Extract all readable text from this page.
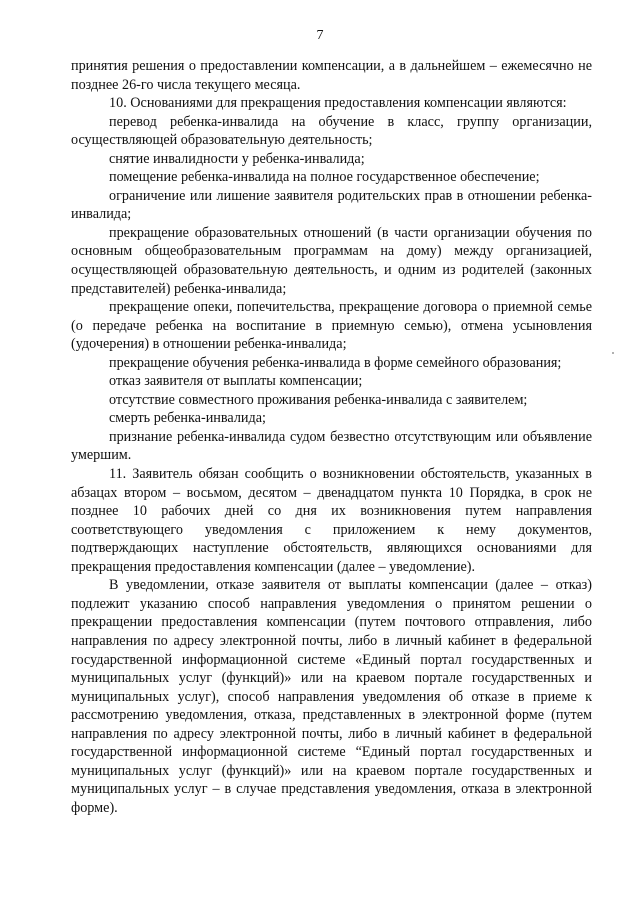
7

принятия решения о предоставлении компенсации, а в дальнейшем – ежемесячно не позднее 26-го числа текущего месяца.

10. Основаниями для прекращения предоставления компенсации являются:

перевод ребенка-инвалида на обучение в класс, группу организации, осуществляющей образовательную деятельность;

снятие инвалидности у ребенка-инвалида;

помещение ребенка-инвалида на полное государственное обеспечение;

ограничение или лишение заявителя родительских прав в отношении ребенка-инвалида;

прекращение образовательных отношений (в части организации обучения по основным общеобразовательным программам на дому) между организацией, осуществляющей образовательную деятельность, и одним из родителей (законных представителей) ребенка-инвалида;

прекращение опеки, попечительства, прекращение договора о приемной семье (о передаче ребенка на воспитание в приемную семью), отмена усыновления (удочерения) в отношении ребенка-инвалида;

прекращение обучения ребенка-инвалида в форме семейного образования;

отказ заявителя от выплаты компенсации;

отсутствие совместного проживания ребенка-инвалида с заявителем;

смерть ребенка-инвалида;

признание ребенка-инвалида судом безвестно отсутствующим или объявление умершим.

11. Заявитель обязан сообщить о возникновении обстоятельств, указанных в абзацах втором – восьмом, десятом – двенадцатом пункта 10 Порядка, в срок не позднее 10 рабочих дней со дня их возникновения путем направления соответствующего уведомления с приложением к нему документов, подтверждающих наступление обстоятельств, являющихся основаниями для прекращения предоставления компенсации (далее – уведомление).

В уведомлении, отказе заявителя от выплаты компенсации (далее – отказ) подлежит указанию способ направления уведомления о принятом решении о прекращении предоставления компенсации (путем почтового отправления, либо направления по адресу электронной почты, либо в личный кабинет в федеральной государственной информационной системе «Единый портал государственных и муниципальных услуг (функций)» или на краевом портале государственных и муниципальных услуг), способ направления уведомления об отказе в приеме к рассмотрению уведомления, отказа, представленных в электронной форме (путем направления по адресу электронной почты, либо в личный кабинет в федеральной государственной информационной системе “Единый портал государственных и муниципальных услуг (функций)» или на краевом портале государственных и муниципальных услуг – в случае представления уведомления, отказа в электронной форме).
